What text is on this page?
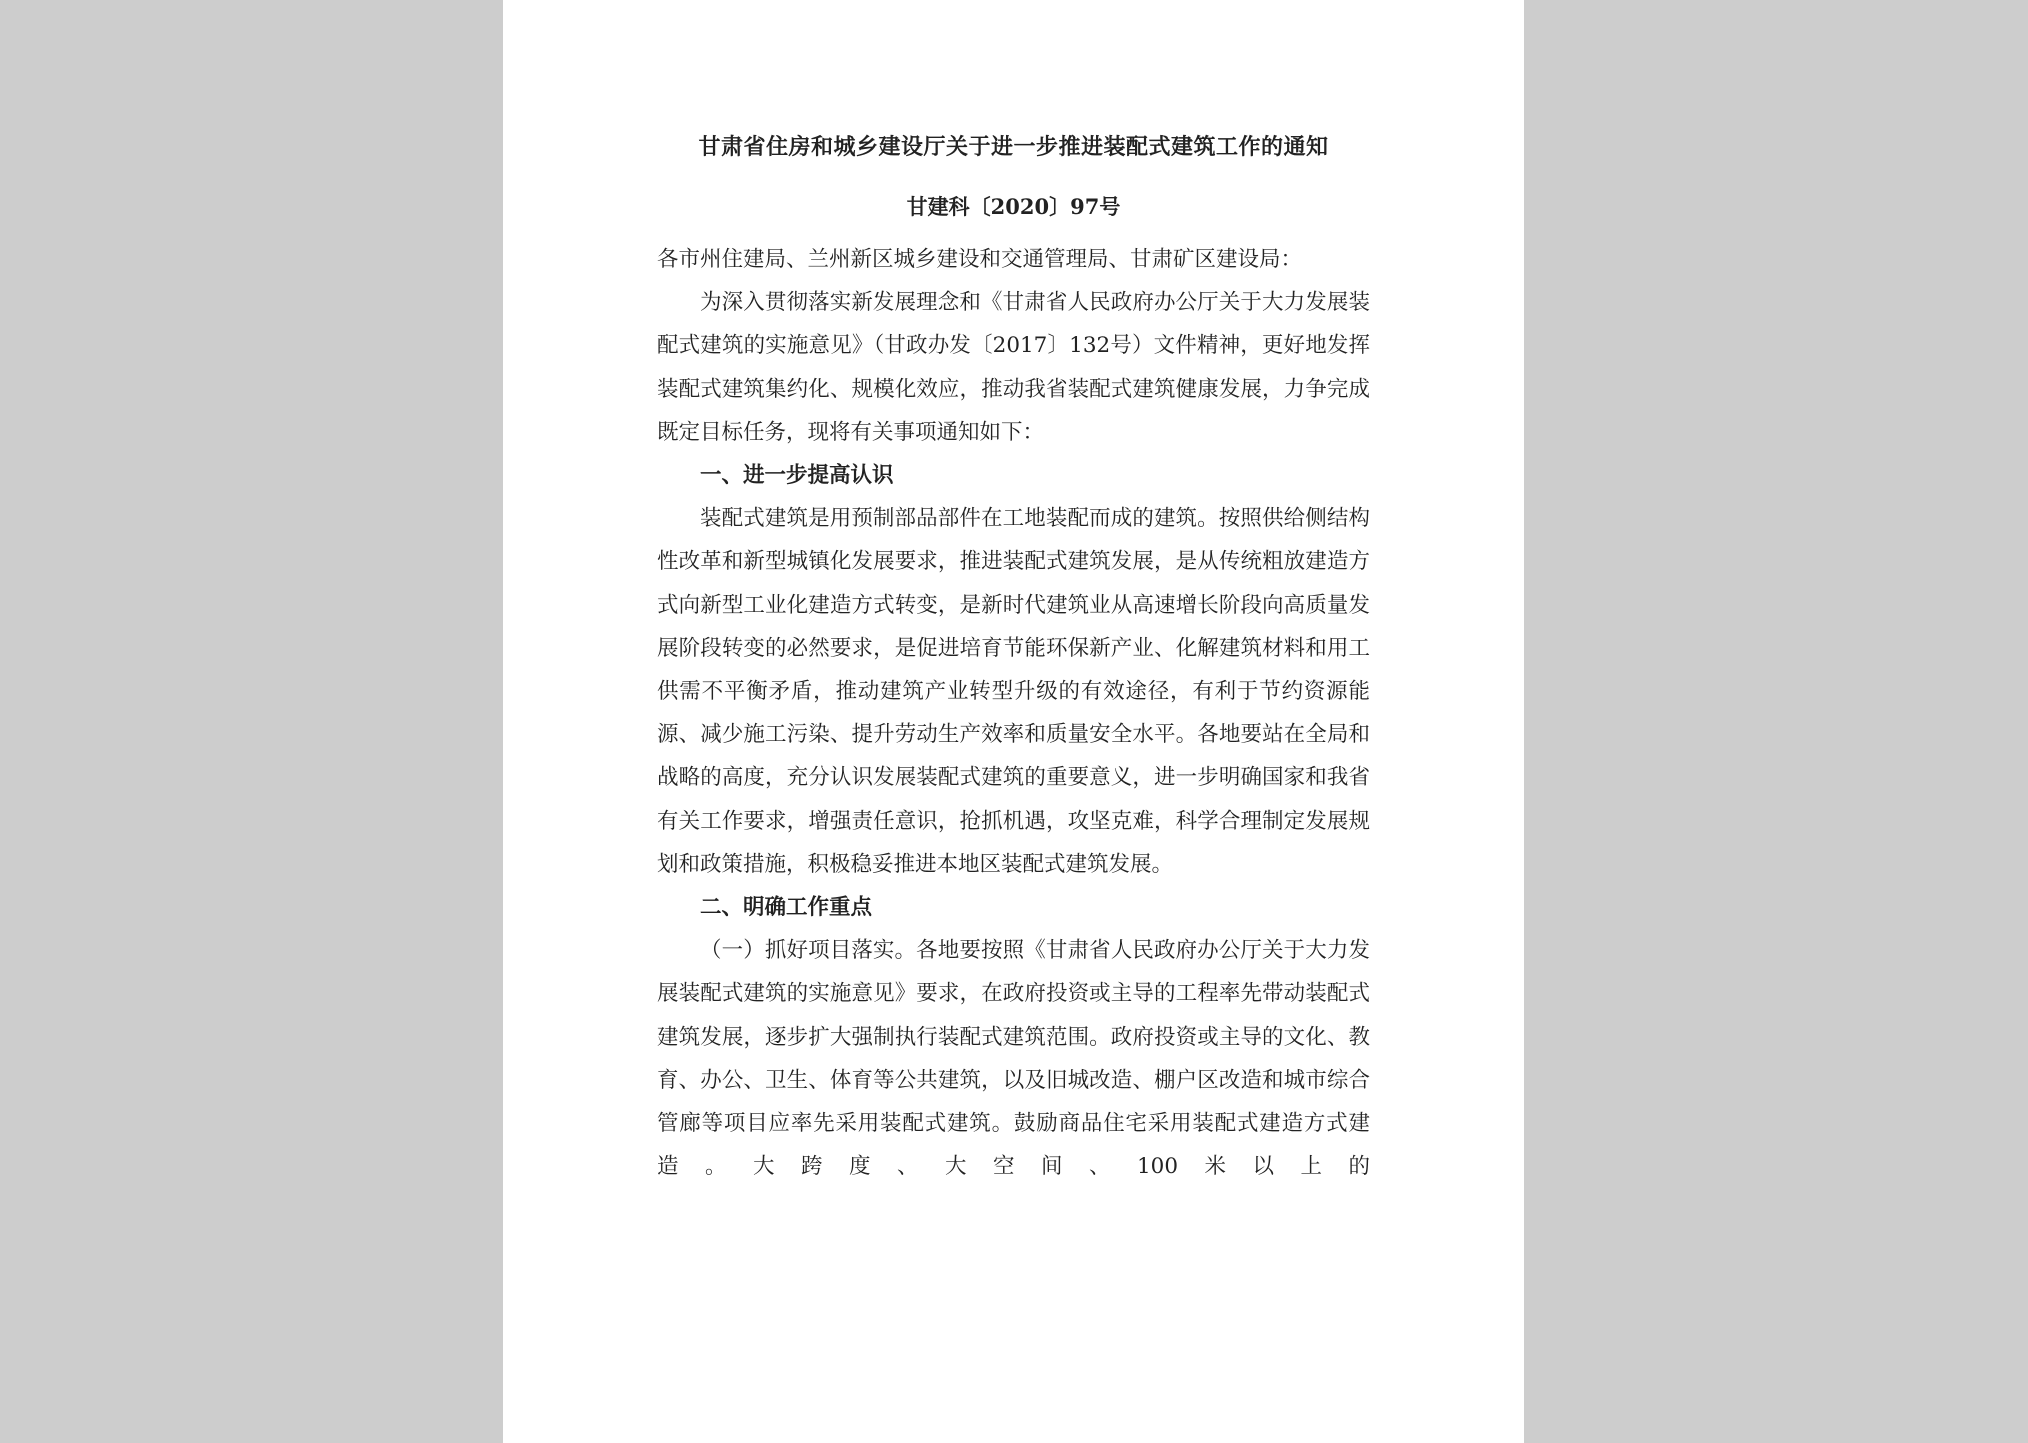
甘肃省住房和城乡建设厅关于进一步推进装配式建筑工作的通知
甘建科〔2020〕97号

各市州住建局、兰州新区城乡建设和交通管理局、甘肃矿区建设局：

为深入贯彻落实新发展理念和《甘肃省人民政府办公厅关于大力发展装配式建筑的实施意见》（甘政办发〔2017〕132号）文件精神，更好地发挥装配式建筑集约化、规模化效应，推动我省装配式建筑健康发展，力争完成既定目标任务，现将有关事项通知如下：

一、进一步提高认识

装配式建筑是用预制部品部件在工地装配而成的建筑。按照供给侧结构性改革和新型城镇化发展要求，推进装配式建筑发展，是从传统粗放建造方式向新型工业化建造方式转变，是新时代建筑业从高速增长阶段向高质量发展阶段转变的必然要求，是促进培育节能环保新产业、化解建筑材料和用工供需不平衡矛盾，推动建筑产业转型升级的有效途径，有利于节约资源能源、减少施工污染、提升劳动生产效率和质量安全水平。各地要站在全局和战略的高度，充分认识发展装配式建筑的重要意义，进一步明确国家和我省有关工作要求，增强责任意识，抢抓机遇，攻坚克难，科学合理制定发展规划和政策措施，积极稳妥推进本地区装配式建筑发展。

二、明确工作重点

（一）抓好项目落实。各地要按照《甘肃省人民政府办公厅关于大力发展装配式建筑的实施意见》要求，在政府投资或主导的工程率先带动装配式建筑发展，逐步扩大强制执行装配式建筑范围。政府投资或主导的文化、教育、办公、卫生、体育等公共建筑，以及旧城改造、棚户区改造和城市综合管廊等项目应率先采用装配式建筑。鼓励商品住宅采用装配式建造方式建造。大跨度、大空间、100米以上的
